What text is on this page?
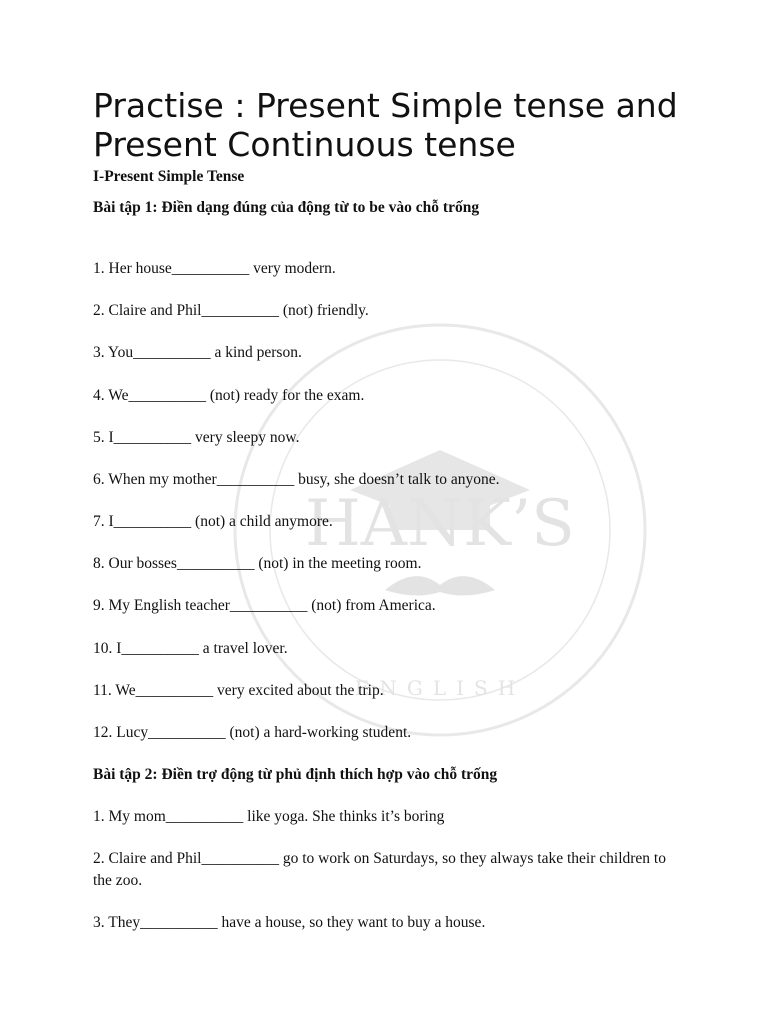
HANK’S
ENGLISH
Practise : Present Simple tense and Present Continuous tense
I-Present Simple Tense
Bài tập 1: Điền dạng đúng của động từ to be vào chỗ trống
1. Her house__________ very modern.
2. Claire and Phil__________ (not) friendly.
3. You__________ a kind person.
4. We__________ (not) ready for the exam.
5. I__________ very sleepy now.
6. When my mother__________ busy, she doesn’t talk to anyone.
7. I__________ (not) a child anymore.
8. Our bosses__________ (not) in the meeting room.
9. My English teacher__________ (not) from America.
10. I__________ a travel lover.
11. We__________ very excited about the trip.
12. Lucy__________ (not) a hard-working student.
Bài tập 2: Điền trợ động từ phủ định thích hợp vào chỗ trống
1. My mom__________ like yoga. She thinks it’s boring
2. Claire and Phil__________ go to work on Saturdays, so they always take their children to the zoo.
3. They__________ have a house, so they want to buy a house.
